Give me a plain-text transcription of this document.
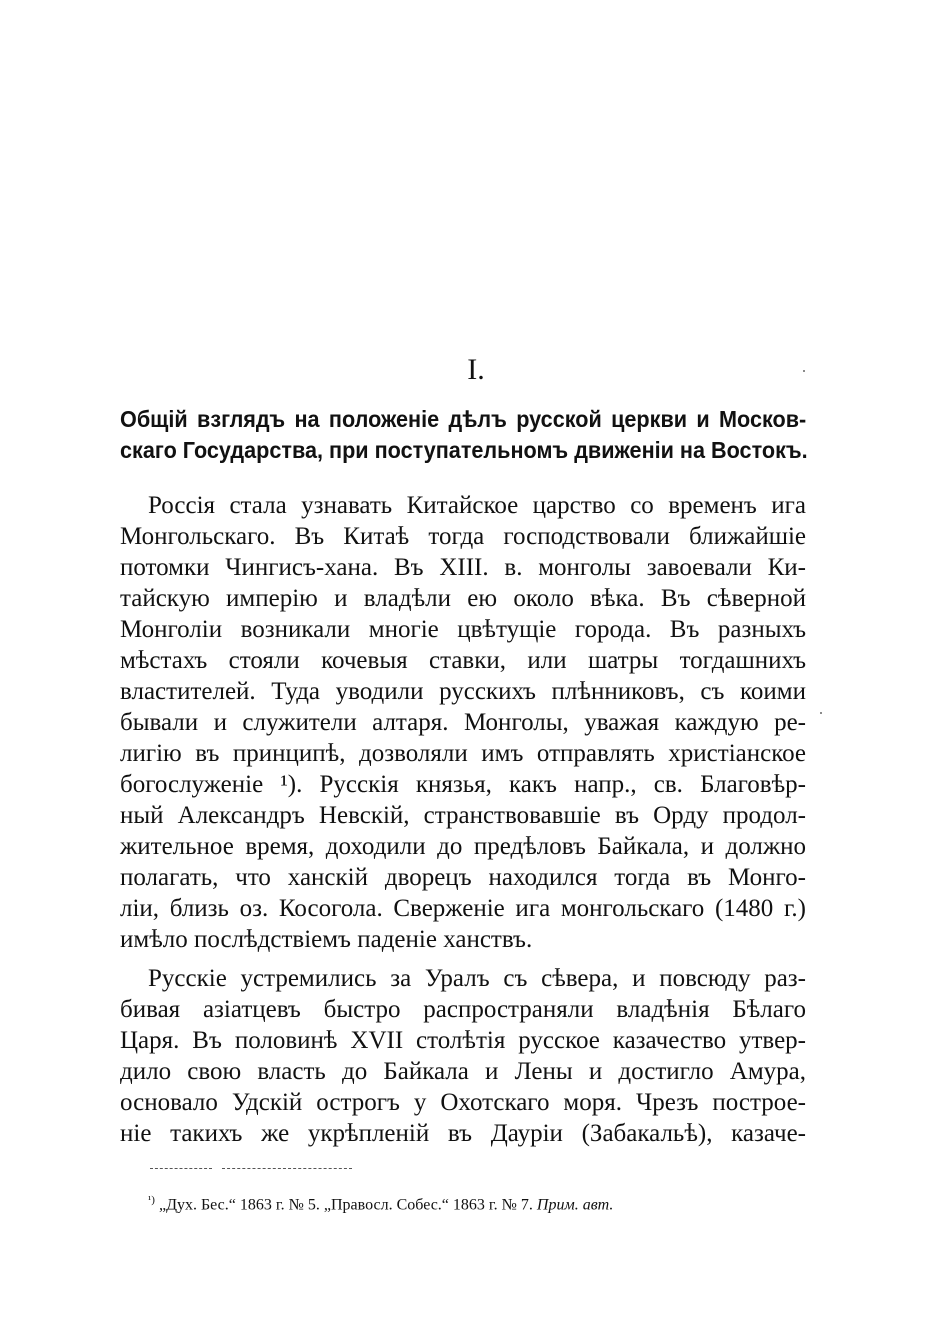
I.
Общiй взглядъ на положенiе дѣлъ русской церкви и Москов-
скаго Государства, при поступательномъ движенiи на Востокъ.
Россiя стала узнавать Китайское царство со временъ ига
Монгольскаго. Въ Китаѣ тогда господствовали ближайшiе
потомки Чингисъ-хана. Въ XIII. в. монголы завоевали Ки-
тайскую имперiю и владѣли ею около вѣка. Въ сѣверной
Монголiи возникали многiе цвѣтущiе города. Въ разныхъ
мѣстахъ стояли кочевыя ставки, или шатры тогдашнихъ
властителей. Туда уводили русскихъ плѣнниковъ, съ коими
бывали и служители алтаря. Монголы, уважая каждую ре-
лигiю въ принципѣ, дозволяли имъ отправлять христiанское
богослуженiе ¹). Русскiя князья, какъ напр., св. Благовѣр-
ный Александръ Невскiй, странствовавшiе въ Орду продол-
жительное время, доходили до предѣловъ Байкала, и должно
полагать, что ханскiй дворецъ находился тогда въ Монго-
лiи, близь оз. Косогола. Сверженiе ига монгольскаго (1480 г.)
имѣло послѣдствiемъ паденiе ханствъ.
Русскiе устремились за Уралъ съ сѣвера, и повсюду раз-
бивая азiатцевъ быстро распространяли владѣнiя Бѣлаго
Царя. Въ половинѣ XVII столѣтiя русское казачество утвер-
дило свою власть до Байкала и Лены и достигло Амура,
основало Удскiй острогъ у Охотскаго моря. Чрезъ построе-
нiе такихъ же укрѣпленiй въ Дауріи (Забакальѣ), казаче-
$^{^1)}$ „Дух. Бес.“ 1863 г. № 5. „Правосл. Собес.“ 1863 г. № 7. Прим. авт.
